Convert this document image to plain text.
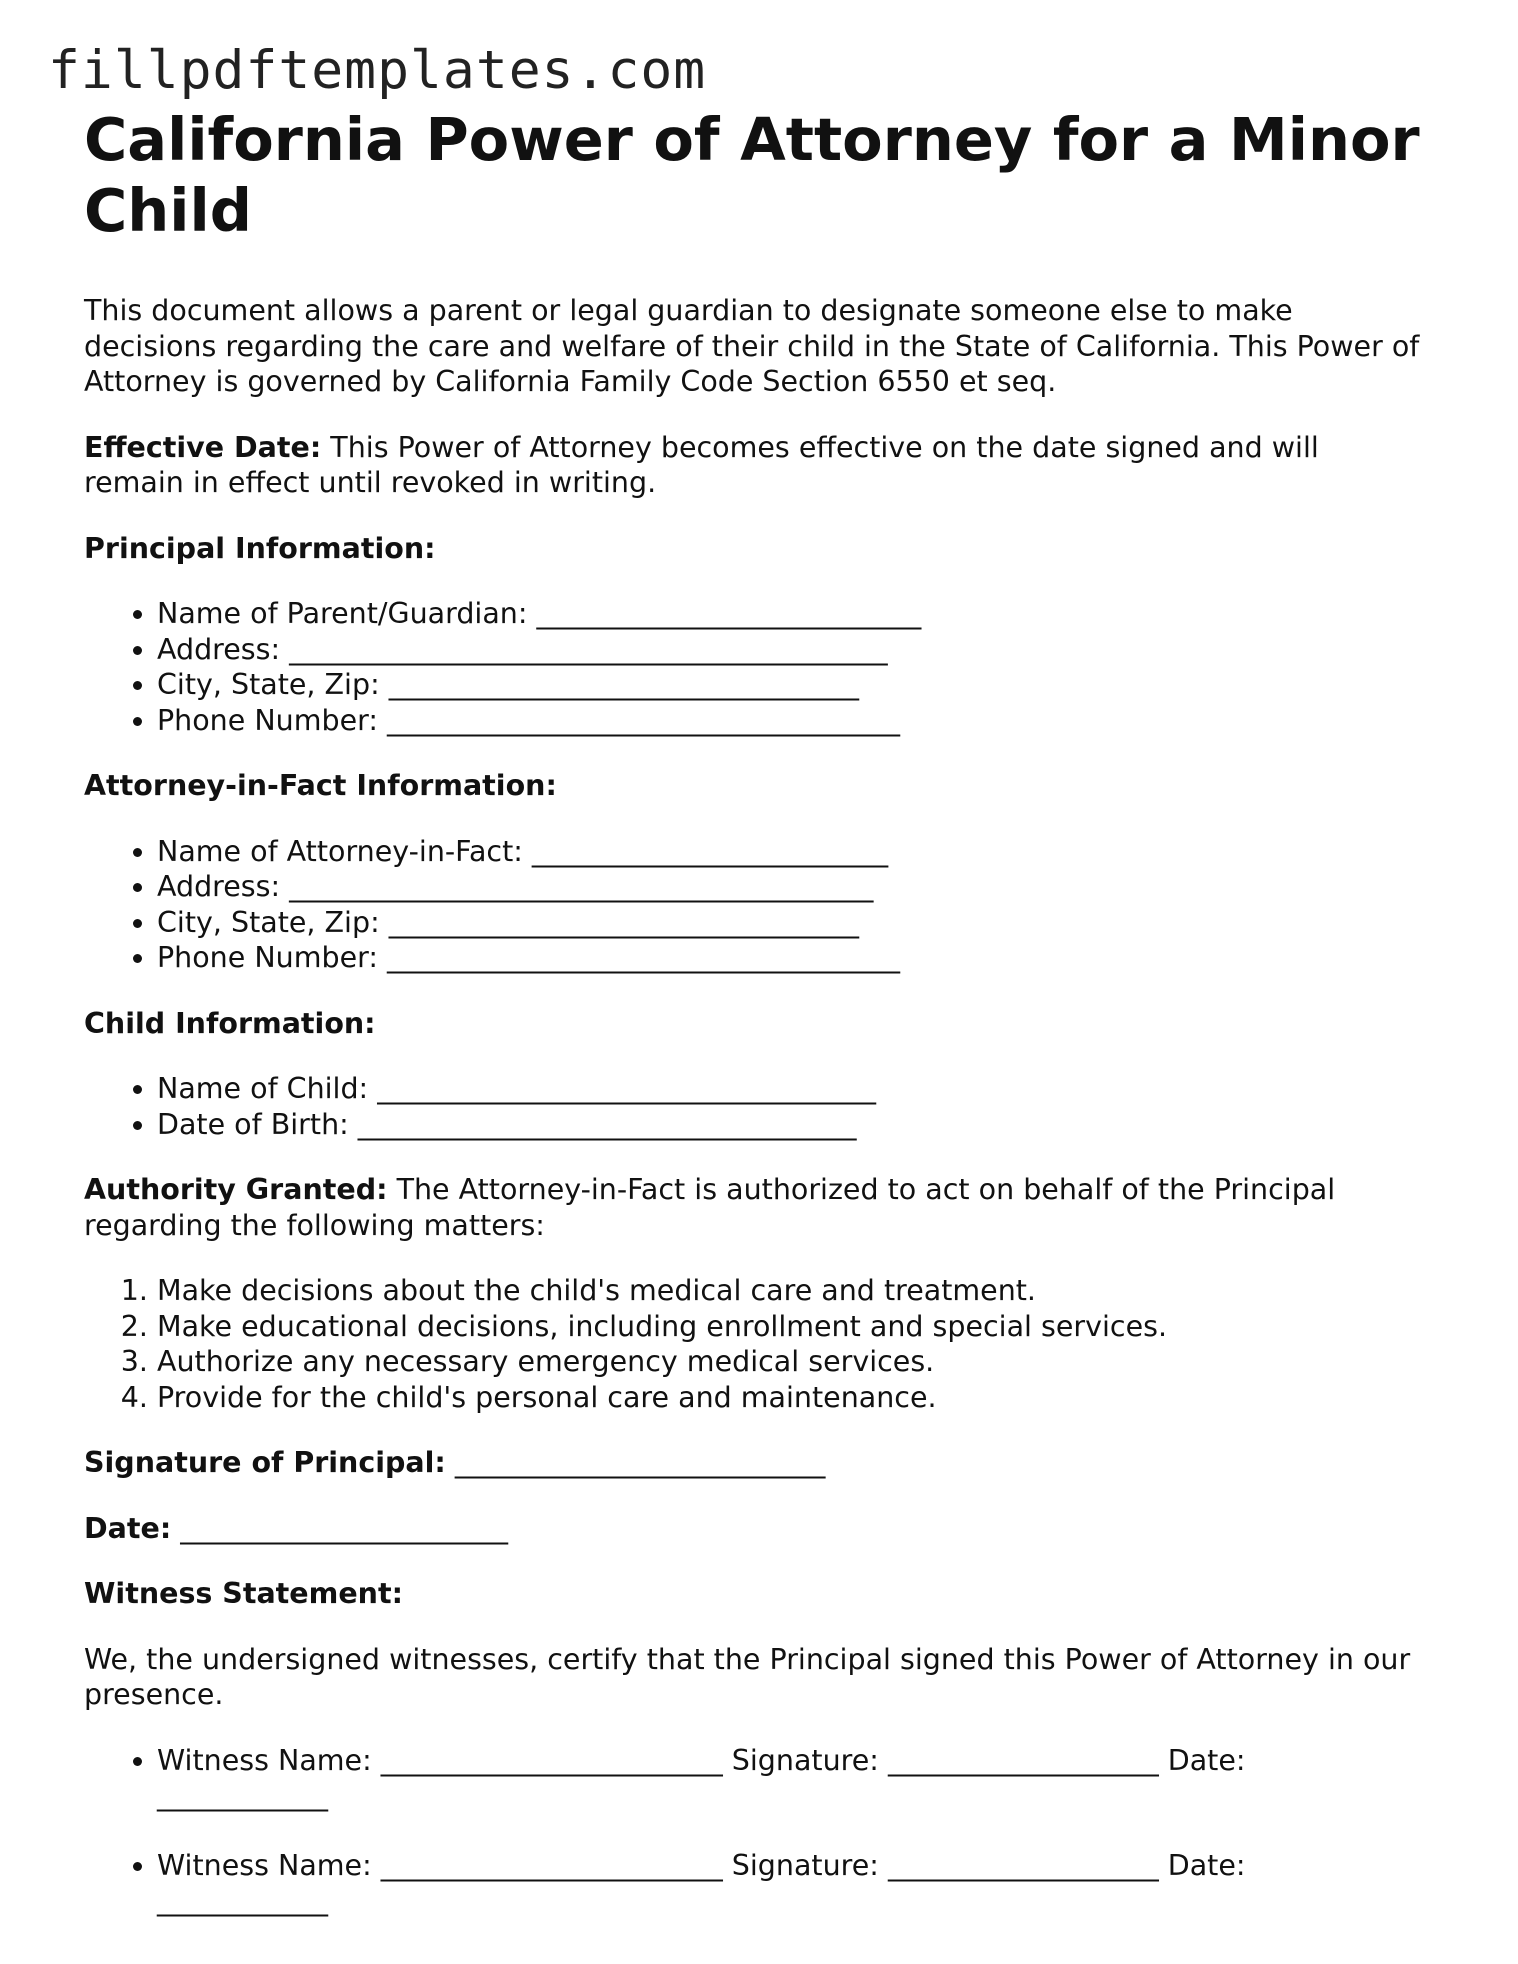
fillpdftemplates.com
California Power of Attorney for a Minor Child

This document allows a parent or legal guardian to designate someone else to make decisions regarding the care and welfare of their child in the State of California. This Power of Attorney is governed by California Family Code Section 6550 et seq.

Effective Date: This Power of Attorney becomes effective on the date signed and will remain in effect until revoked in writing.

Principal Information:

• Name of Parent/Guardian: ___________________________
• Address: __________________________________________
• City, State, Zip: _________________________________
• Phone Number: ____________________________________

Attorney-in-Fact Information:

• Name of Attorney-in-Fact: _________________________
• Address: _________________________________________
• City, State, Zip: _________________________________
• Phone Number: ____________________________________

Child Information:

• Name of Child: ___________________________________
• Date of Birth: ___________________________________

Authority Granted: The Attorney-in-Fact is authorized to act on behalf of the Principal regarding the following matters:

1. Make decisions about the child's medical care and treatment.
2. Make educational decisions, including enrollment and special services.
3. Authorize any necessary emergency medical services.
4. Provide for the child's personal care and maintenance.

Signature of Principal: __________________________

Date: _______________________

Witness Statement:

We, the undersigned witnesses, certify that the Principal signed this Power of Attorney in our presence.

• Witness Name: ________________________ Signature: ___________________ Date: ____________
• Witness Name: ________________________ Signature: ___________________ Date: ____________
